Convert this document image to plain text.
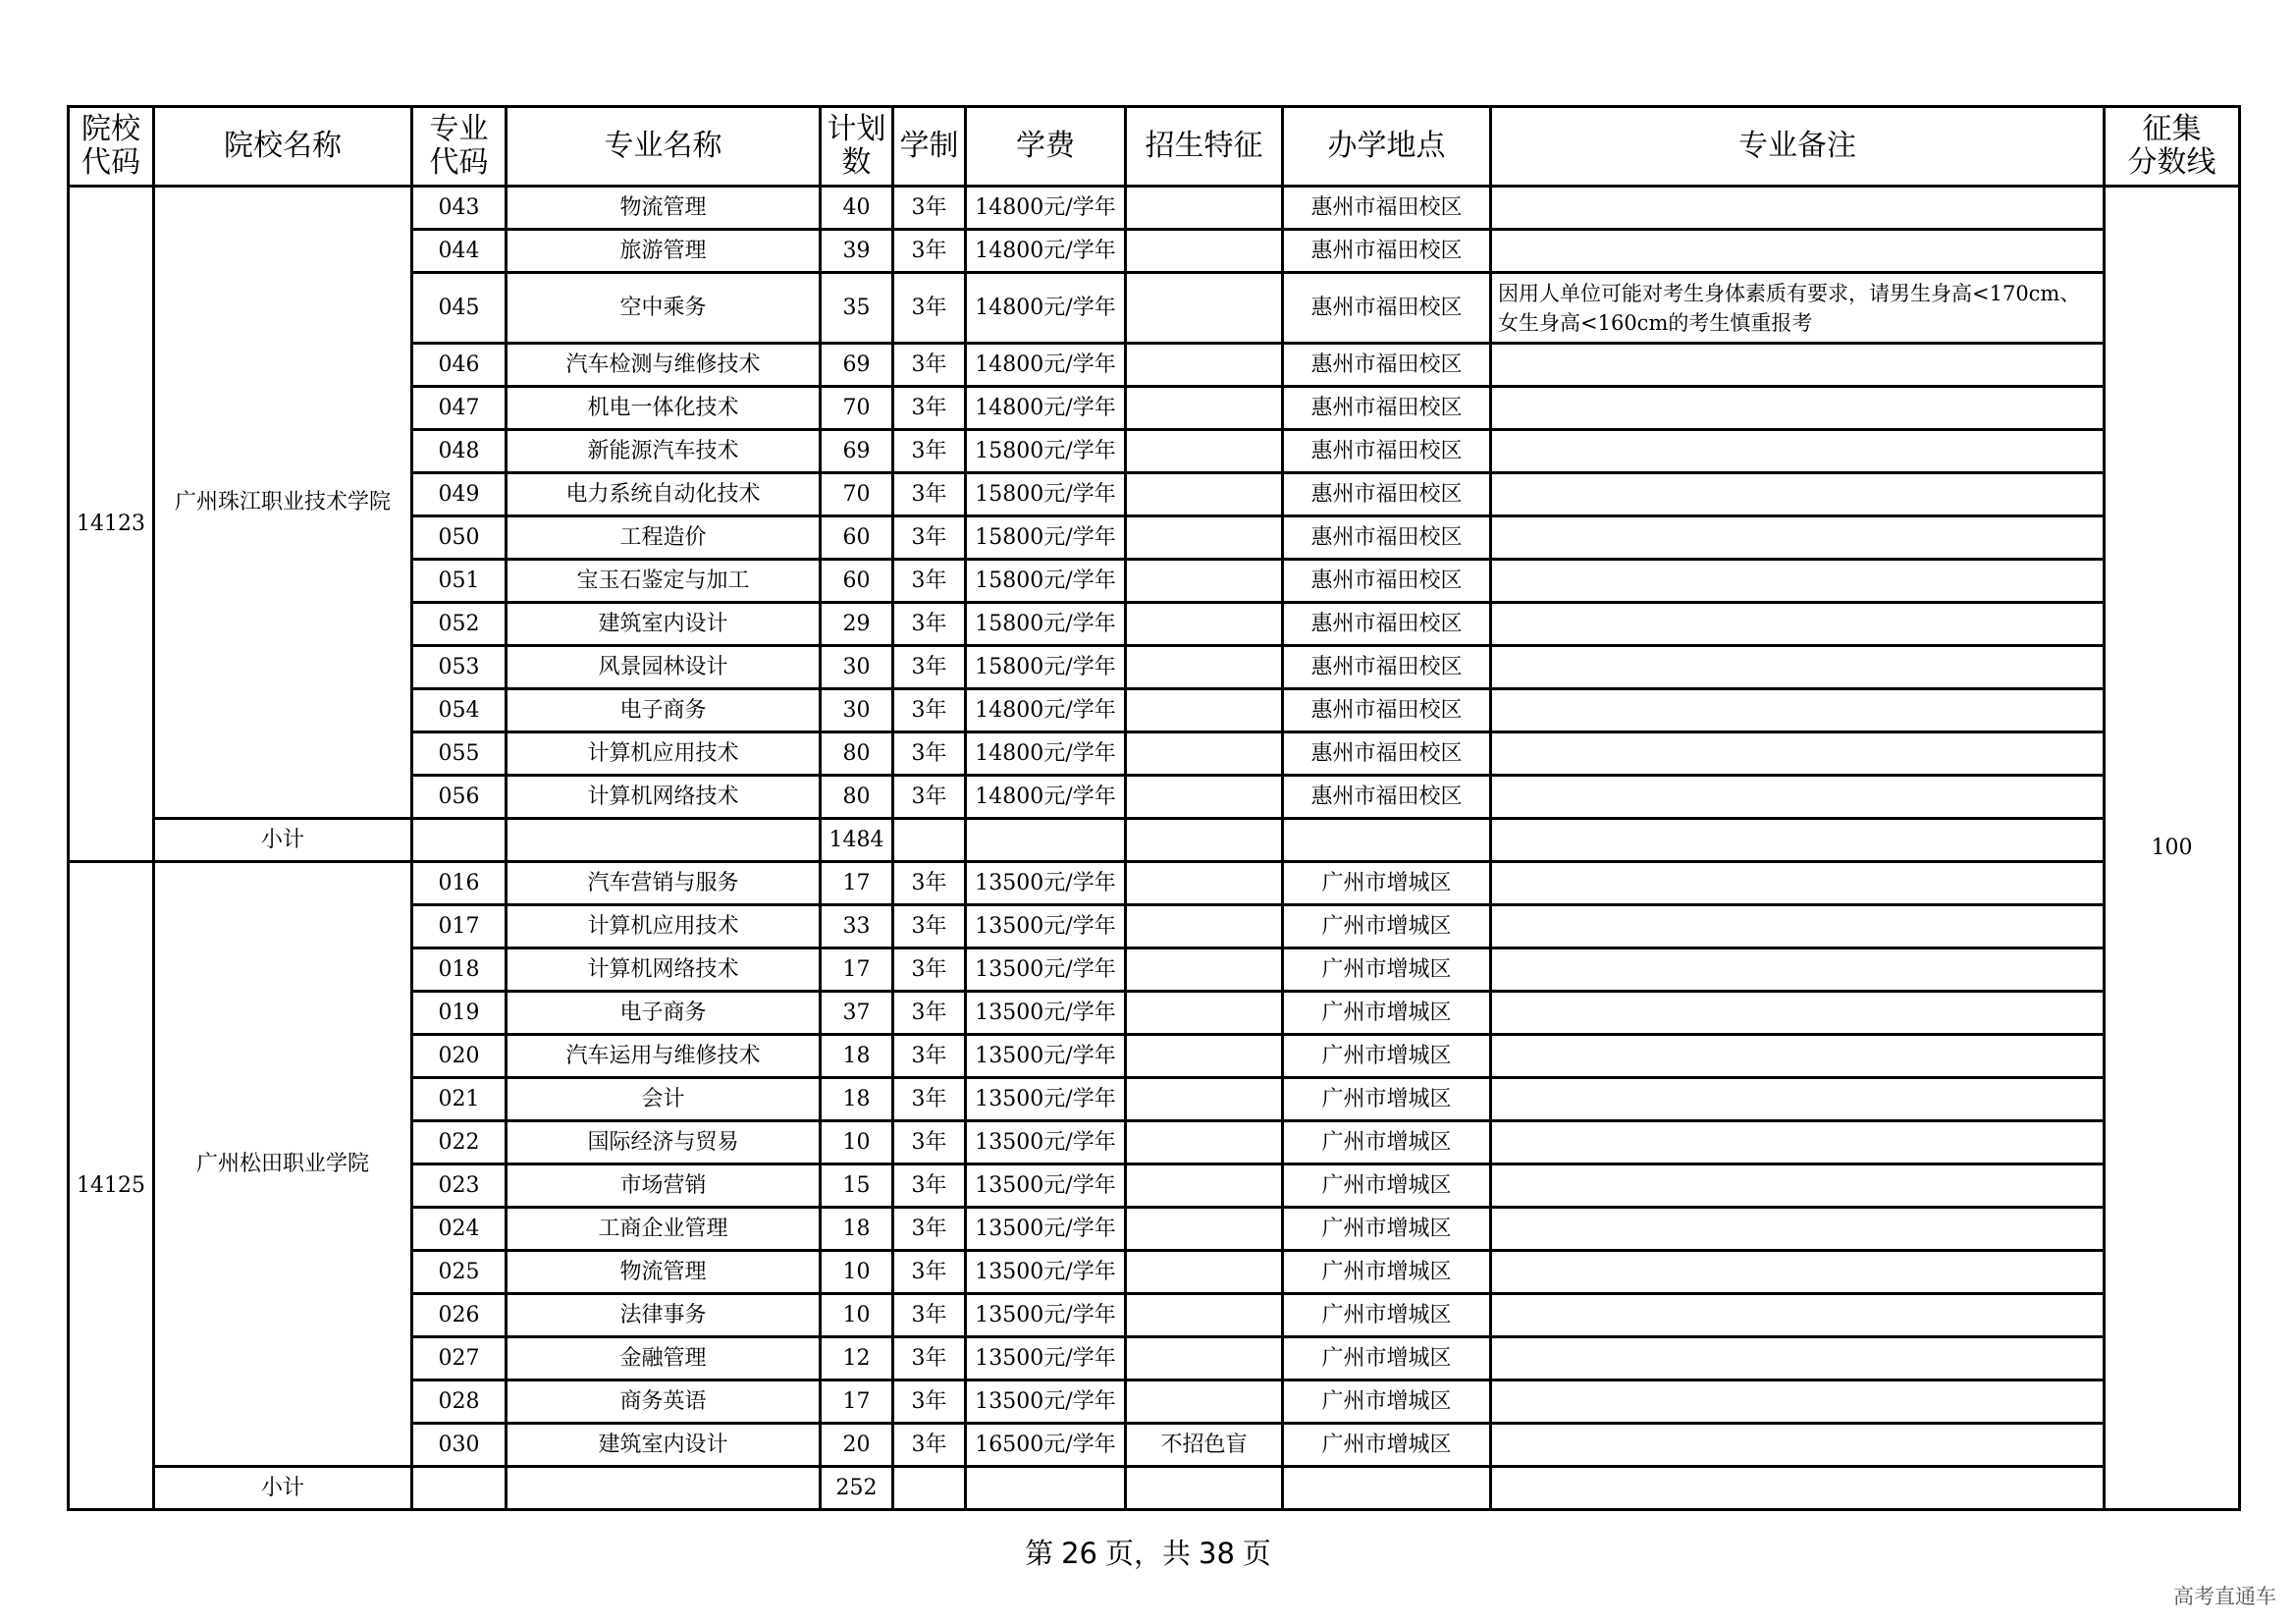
院校
代码	院校名称	专业
代码	专业名称	计划
数	学制	学费	招生特征	办学地点	专业备注	征集
分数线
14123	广州珠江职业技术学院	043	物流管理	40	3年	14800元/学年		惠州市福田校区		100
		044	旅游管理	39	3年	14800元/学年		惠州市福田校区		
		045	空中乘务	35	3年	14800元/学年		惠州市福田校区	因用人单位可能对考生身体素质有要求，请男生身高<170cm、女生身高<160cm的考生慎重报考	
		046	汽车检测与维修技术	69	3年	14800元/学年		惠州市福田校区		
		047	机电一体化技术	70	3年	14800元/学年		惠州市福田校区		
		048	新能源汽车技术	69	3年	15800元/学年		惠州市福田校区		
		049	电力系统自动化技术	70	3年	15800元/学年		惠州市福田校区		
		050	工程造价	60	3年	15800元/学年		惠州市福田校区		
		051	宝玉石鉴定与加工	60	3年	15800元/学年		惠州市福田校区		
		052	建筑室内设计	29	3年	15800元/学年		惠州市福田校区		
		053	风景园林设计	30	3年	15800元/学年		惠州市福田校区		
		054	电子商务	30	3年	14800元/学年		惠州市福田校区		
		055	计算机应用技术	80	3年	14800元/学年		惠州市福田校区		
		056	计算机网络技术	80	3年	14800元/学年		惠州市福田校区		
	小计			1484						
14125	广州松田职业学院	016	汽车营销与服务	17	3年	13500元/学年		广州市增城区		
		017	计算机应用技术	33	3年	13500元/学年		广州市增城区		
		018	计算机网络技术	17	3年	13500元/学年		广州市增城区		
		019	电子商务	37	3年	13500元/学年		广州市增城区		
		020	汽车运用与维修技术	18	3年	13500元/学年		广州市增城区		
		021	会计	18	3年	13500元/学年		广州市增城区		
		022	国际经济与贸易	10	3年	13500元/学年		广州市增城区		
		023	市场营销	15	3年	13500元/学年		广州市增城区		
		024	工商企业管理	18	3年	13500元/学年		广州市增城区		
		025	物流管理	10	3年	13500元/学年		广州市增城区		
		026	法律事务	10	3年	13500元/学年		广州市增城区		
		027	金融管理	12	3年	13500元/学年		广州市增城区		
		028	商务英语	17	3年	13500元/学年		广州市增城区		
		030	建筑室内设计	20	3年	16500元/学年	不招色盲	广州市增城区		
	小计			252						
第 26 页，共 38 页
高考直通车
